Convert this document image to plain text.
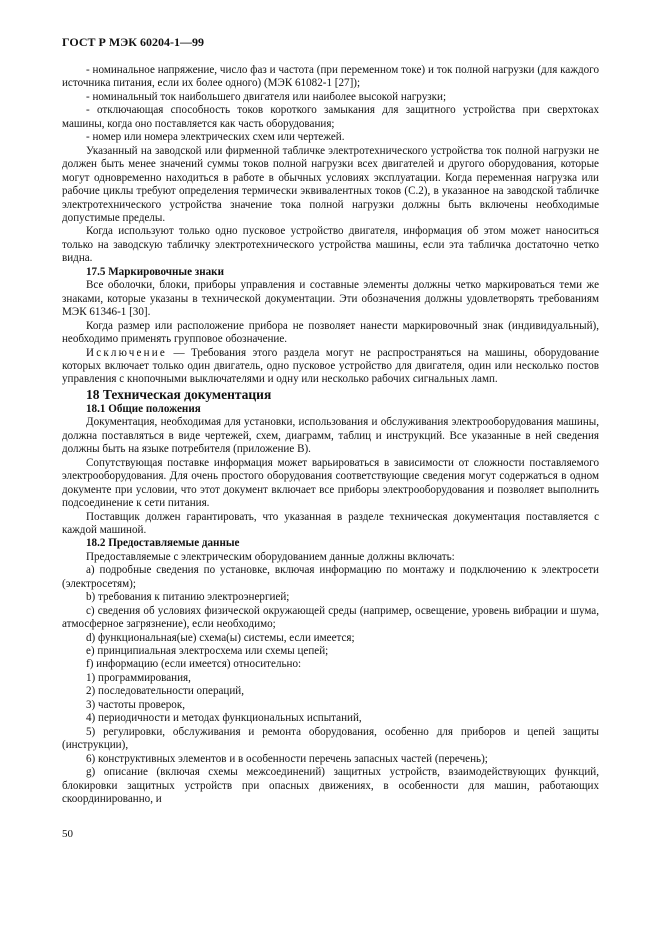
ГОСТ Р МЭК 60204-1—99

- номинальное напряжение, число фаз и частота (при переменном токе) и ток полной нагрузки (для каждого источника питания, если их более одного) (МЭК 61082-1 [27]);

- номинальный ток наибольшего двигателя или наиболее высокой нагрузки;

- отключающая способность токов короткого замыкания для защитного устройства при сверхтоках машины, когда оно поставляется как часть оборудования;

- номер или номера электрических схем или чертежей.

Указанный на заводской или фирменной табличке электротехнического устройства ток полной нагрузки не должен быть менее значений суммы токов полной нагрузки всех двигателей и другого оборудования, которые могут одновременно находиться в работе в обычных условиях эксплуатации. Когда переменная нагрузка или рабочие циклы требуют определения термически эквивалентных токов (С.2), в указанное на заводской табличке электротехнического устройства значение тока полной нагрузки должны быть включены необходимые допустимые пределы.

Когда используют только одно пусковое устройство двигателя, информация об этом может наноситься только на заводскую табличку электротехнического устройства машины, если эта табличка достаточно четко видна.

17.5 Маркировочные знаки

Все оболочки, блоки, приборы управления и составные элементы должны четко маркироваться теми же знаками, которые указаны в технической документации. Эти обозначения должны удовлетворять требованиям МЭК 61346-1 [30].

Когда размер или расположение прибора не позволяет нанести маркировочный знак (индивидуальный), необходимо применять групповое обозначение.

Исключение — Требования этого раздела могут не распространяться на машины, оборудование которых включает только один двигатель, одно пусковое устройство для двигателя, один или несколько постов управления с кнопочными выключателями и одну или несколько рабочих сигнальных ламп.

18 Техническая документация

18.1 Общие положения

Документация, необходимая для установки, использования и обслуживания электрооборудования машины, должна поставляться в виде чертежей, схем, диаграмм, таблиц и инструкций. Все указанные в ней сведения должны быть на языке потребителя (приложение В).

Сопутствующая поставке информация может варьироваться в зависимости от сложности поставляемого электрооборудования. Для очень простого оборудования соответствующие сведения могут содержаться в одном документе при условии, что этот документ включает все приборы электрооборудования и позволяет выполнить подсоединение к сети питания.

Поставщик должен гарантировать, что указанная в разделе техническая документация поставляется с каждой машиной.

18.2 Предоставляемые данные

Предоставляемые с электрическим оборудованием данные должны включать:

a) подробные сведения по установке, включая информацию по монтажу и подключению к электросети (электросетям);

b) требования к питанию электроэнергией;

c) сведения об условиях физической окружающей среды (например, освещение, уровень вибрации и шума, атмосферное загрязнение), если необходимо;

d) функциональная(ые) схема(ы) системы, если имеется;

e) принципиальная электросхема или схемы цепей;

f) информацию (если имеется) относительно:

1) программирования,

2) последовательности операций,

3) частоты проверок,

4) периодичности и методах функциональных испытаний,

5) регулировки, обслуживания и ремонта оборудования, особенно для приборов и цепей защиты (инструкции),

6) конструктивных элементов и в особенности перечень запасных частей (перечень);

g) описание (включая схемы межсоединений) защитных устройств, взаимодействующих функций, блокировки защитных устройств при опасных движениях, в особенности для машин, работающих скоординированно, и

50
